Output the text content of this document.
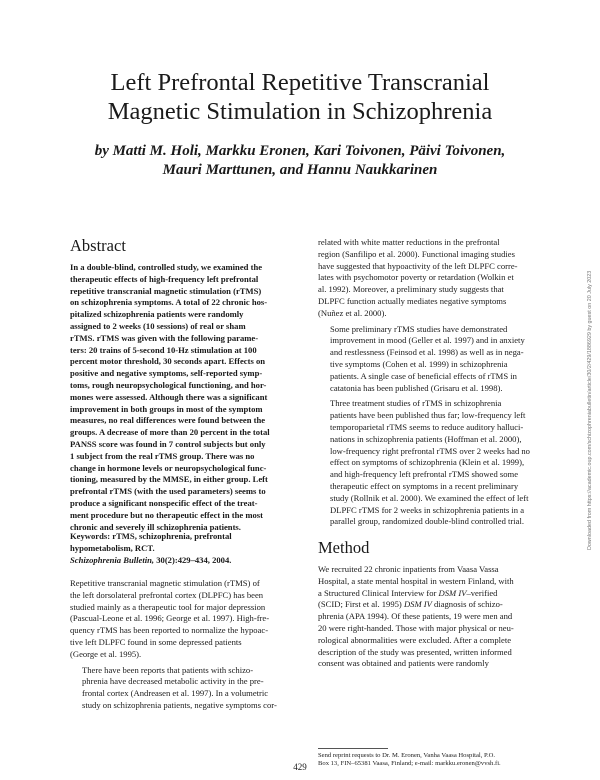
Left Prefrontal Repetitive Transcranial
Magnetic Stimulation in Schizophrenia
by Matti M. Holi, Markku Eronen, Kari Toivonen, Päivi Toivonen,
Mauri Marttunen, and Hannu Naukkarinen
Abstract
In a double-blind, controlled study, we examined the
therapeutic effects of high-frequency left prefrontal
repetitive transcranial magnetic stimulation (rTMS)
on schizophrenia symptoms. A total of 22 chronic hos-
pitalized schizophrenia patients were randomly
assigned to 2 weeks (10 sessions) of real or sham
rTMS. rTMS was given with the following parame-
ters: 20 trains of 5-second 10-Hz stimulation at 100
percent motor threshold, 30 seconds apart. Effects on
positive and negative symptoms, self-reported symp-
toms, rough neuropsychological functioning, and hor-
mones were assessed. Although there was a significant
improvement in both groups in most of the symptom
measures, no real differences were found between the
groups. A decrease of more than 20 percent in the total
PANSS score was found in 7 control subjects but only
1 subject from the real rTMS group. There was no
change in hormone levels or neuropsychological func-
tioning, measured by the MMSE, in either group. Left
prefrontal rTMS (with the used parameters) seems to
produce a significant nonspecific effect of the treat-
ment procedure but no therapeutic effect in the most
chronic and severely ill schizophrenia patients.
Keywords: rTMS, schizophrenia, prefrontal
hypometabolism, RCT.
Schizophrenia Bulletin, 30(2):429–434, 2004.

Repetitive transcranial magnetic stimulation (rTMS) of
the left dorsolateral prefrontal cortex (DLPFC) has been
studied mainly as a therapeutic tool for major depression
(Pascual-Leone et al. 1996; George et al. 1997). High-fre-
quency rTMS has been reported to normalize the hypoac-
tive left DLPFC found in some depressed patients
(George et al. 1995).

There have been reports that patients with schizo-
phrenia have decreased metabolic activity in the pre-
frontal cortex (Andreasen et al. 1997). In a volumetric
study on schizophrenia patients, negative symptoms cor-

related with white matter reductions in the prefrontal
region (Sanfilipo et al. 2000). Functional imaging studies
have suggested that hypoactivity of the left DLPFC corre-
lates with psychomotor poverty or retardation (Wolkin et
al. 1992). Moreover, a preliminary study suggests that
DLPFC function actually mediates negative symptoms
(Nuñez et al. 2000).

Some preliminary rTMS studies have demonstrated
improvement in mood (Geller et al. 1997) and in anxiety
and restlessness (Feinsod et al. 1998) as well as in nega-
tive symptoms (Cohen et al. 1999) in schizophrenia
patients. A single case of beneficial effects of rTMS in
catatonia has been published (Grisaru et al. 1998).

Three treatment studies of rTMS in schizophrenia
patients have been published thus far; low-frequency left
temporoparietal rTMS seems to reduce auditory halluci-
nations in schizophrenia patients (Hoffman et al. 2000),
low-frequency right prefrontal rTMS over 2 weeks had no
effect on symptoms of schizophrenia (Klein et al. 1999),
and high-frequency left prefrontal rTMS showed some
therapeutic effect on symptoms in a recent preliminary
study (Rollnik et al. 2000). We examined the effect of left
DLPFC rTMS for 2 weeks in schizophrenia patients in a
parallel group, randomized double-blind controlled trial.

Method
We recruited 22 chronic inpatients from Vaasa Vassa
Hospital, a state mental hospital in western Finland, with
a Structured Clinical Interview for DSM IV–verified
(SCID; First et al. 1995) DSM IV diagnosis of schizo-
phrenia (APA 1994). Of these patients, 19 were men and
20 were right-handed. Those with major physical or neu-
rological abnormalities were excluded. After a complete
description of the study was presented, written informed
consent was obtained and patients were randomly
Send reprint requests to Dr. M. Eronen, Vanha Vaasa Hospital, P.O.
Box 13, FIN–65381 Vaasa, Finland; e-mail: markku.eronen@vvsh.fi.
429
Downloaded from https://academic.oup.com/schizophreniabulletin/article/30/2/429/1886929 by guest on 20 July 2023
